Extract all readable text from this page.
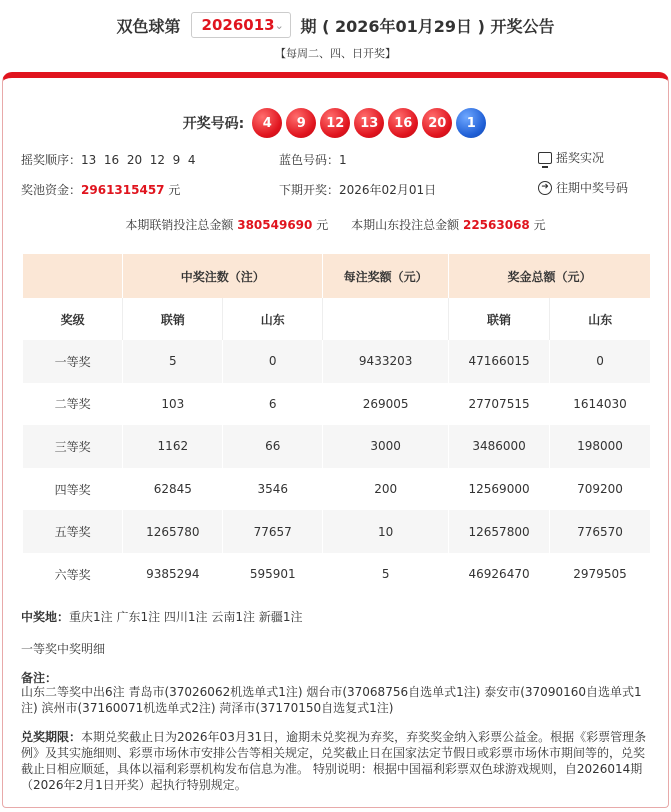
双色球第 2026013 ⌄ 期 ( 2026年01月29日 ) 开奖公告
【每周二、四、日开奖】
开奖号码:	4	9	12	13	16	20	1
摇奖顺序：13  16  20  12  9  4	蓝色号码：1	摇奖实况
奖池资金：2961315457 元	下期开奖：2026年02月01日	➜ 往期中奖号码
本期联销投注总金额 380549690 元 本期山东投注总金额 22563068 元
	中奖注数（注）		每注奖额（元）	奖金总额（元）	
奖级	联销	山东		联销	山东
一等奖	5	0	9433203	47166015	0
二等奖	103	6	269005	27707515	1614030
三等奖	1162	66	3000	3486000	198000
四等奖	62845	3546	200	12569000	709200
五等奖	1265780	77657	10	12657800	776570
六等奖	9385294	595901	5	46926470	2979505
中奖地：重庆1注 广东1注 四川1注 云南1注 新疆1注
一等奖中奖明细
备注：
山东二等奖中出6注 青岛市(37026062机选单式1注) 烟台市(37068756自选单式1注) 泰安市(37090160自选单式1注) 滨州市(37160071机选单式2注) 菏泽市(37170150自选复式1注)
兑奖期限：本期兑奖截止日为2026年03月31日，逾期未兑奖视为弃奖，弃奖奖金纳入彩票公益金。根据《彩票管理条例》及其实施细则、彩票市场休市安排公告等相关规定，兑奖截止日在国家法定节假日或彩票市场休市期间等的，兑奖截止日相应顺延，具体以福利彩票机构发布信息为准。 特别说明：根据中国福利彩票双色球游戏规则，自2026014期（2026年2月1日开奖）起执行特别规定。
